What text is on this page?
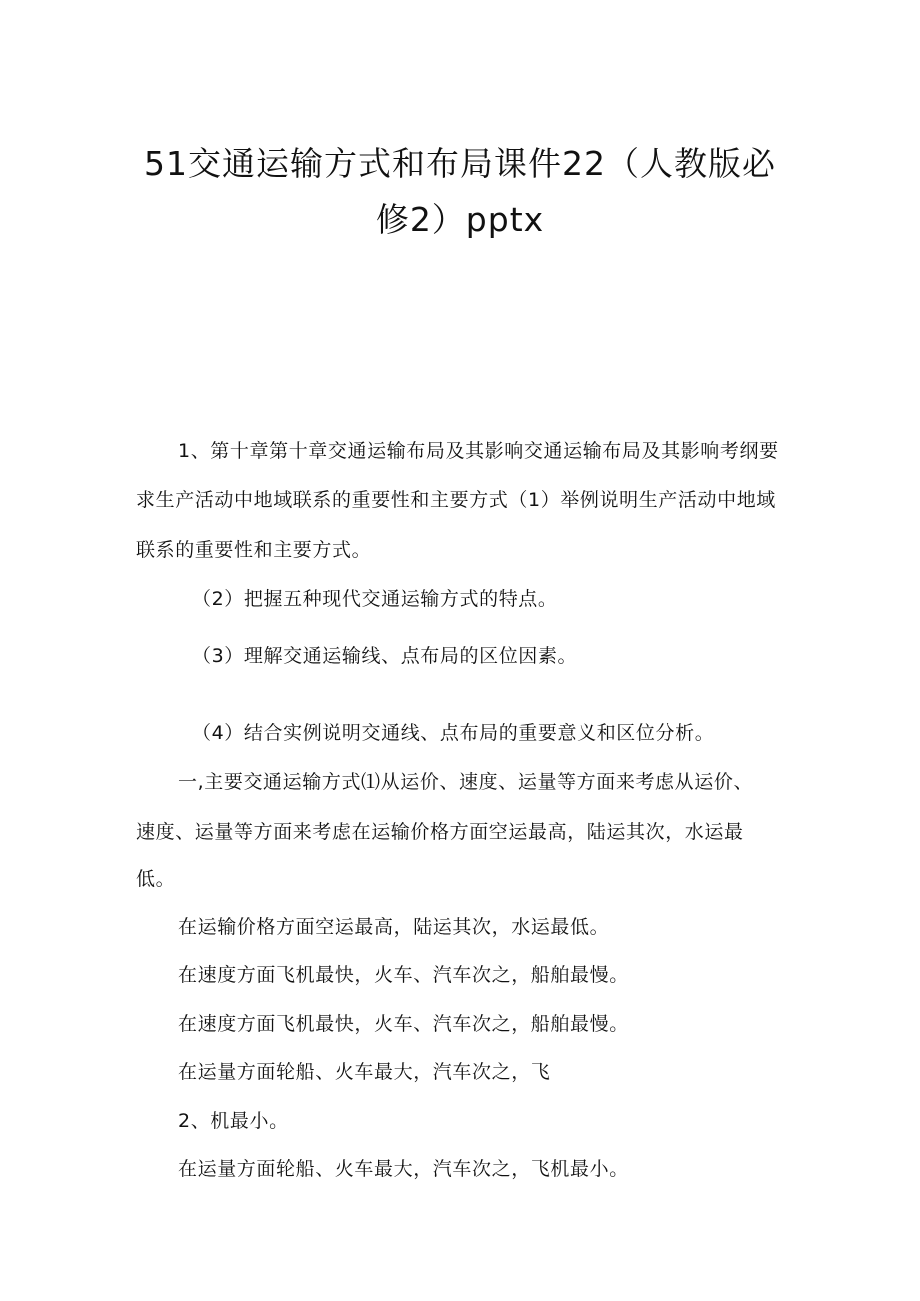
51交通运输方式和布局课件22（人教版必
修2）pptx
1、第十章第十章交通运输布局及其影响交通运输布局及其影响考纲要
求生产活动中地域联系的重要性和主要方式（1）举例说明生产活动中地域
联系的重要性和主要方式。
（2）把握五种现代交通运输方式的特点。
（3）理解交通运输线、点布局的区位因素。
（4）结合实例说明交通线、点布局的重要意义和区位分析。
一,主要交通运输方式⑴从运价、速度、运量等方面来考虑从运价、
速度、运量等方面来考虑在运输价格方面空运最高，陆运其次，水运最
低。
在运输价格方面空运最高，陆运其次，水运最低。
在速度方面飞机最快，火车、汽车次之，船舶最慢。
在速度方面飞机最快，火车、汽车次之，船舶最慢。
在运量方面轮船、火车最大，汽车次之，飞
2、机最小。
在运量方面轮船、火车最大，汽车次之，飞机最小。
